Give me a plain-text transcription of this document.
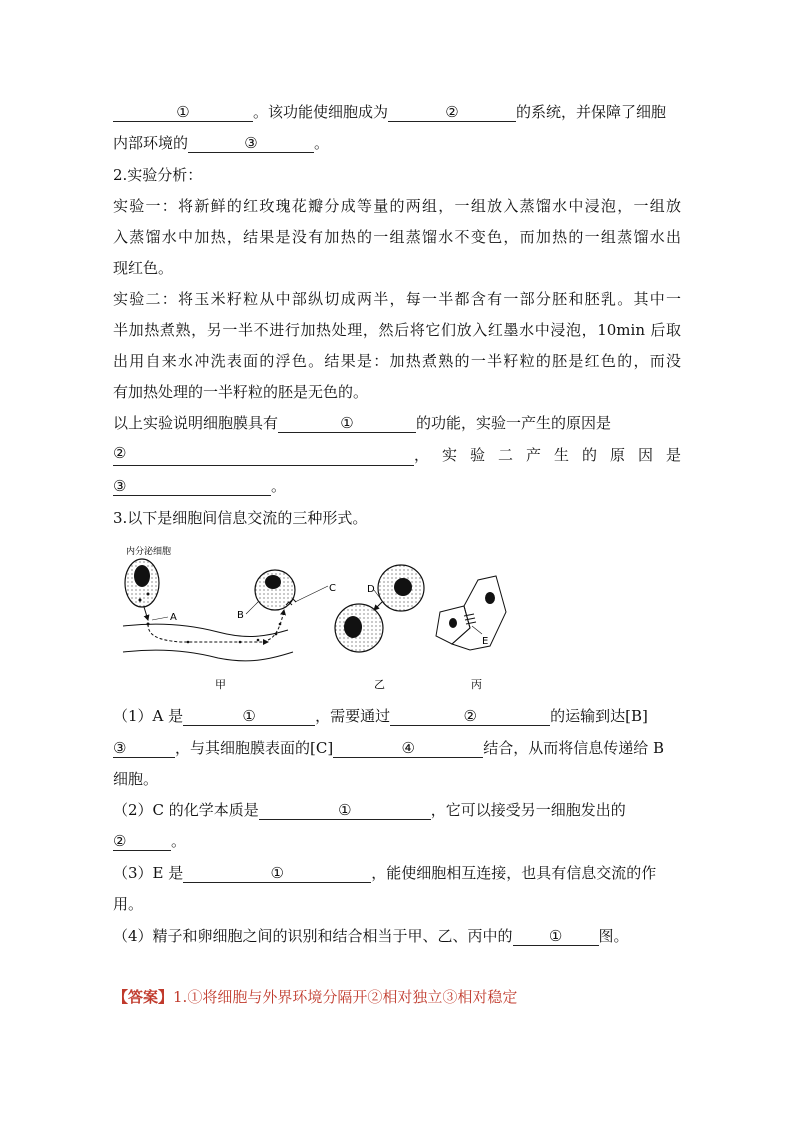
①	。该功能使细胞成为	②	的系统，并保障了细胞
内部环境的	③	。
2.实验分析：
实验一：将新鲜的红玫瑰花瓣分成等量的两组，一组放入蒸馏水中浸泡，一组放
入蒸馏水中加热，结果是没有加热的一组蒸馏水不变色，而加热的一组蒸馏水出
现红色。
实验二：将玉米籽粒从中部纵切成两半，每一半都含有一部分胚和胚乳。其中一
半加热煮熟，另一半不进行加热处理，然后将它们放入红墨水中浸泡，10min 后取
出用自来水冲洗表面的浮色。结果是：加热煮熟的一半籽粒的胚是红色的，而没
有加热处理的一半籽粒的胚是无色的。
以上实验说明细胞膜具有	①	的功能，实验一产生的原因是
②	，实验二产生的原因是
③	。
3.以下是细胞间信息交流的三种形式。
内分泌细胞
A	B
C	D
E
甲	乙	丙
（1）A 是	①	，需要通过	②	的运输到达[B]
③	，与其细胞膜表面的[C]	④	结合，从而将信息传递给 B
细胞。
（2）C 的化学本质是	①	，它可以接受另一细胞发出的
②	。
（3）E 是	①	，能使细胞相互连接，也具有信息交流的作
用。
（4）精子和卵细胞之间的识别和结合相当于甲、乙、丙中的 ① 图。
【答案】1.①将细胞与外界环境分隔开②相对独立③相对稳定
